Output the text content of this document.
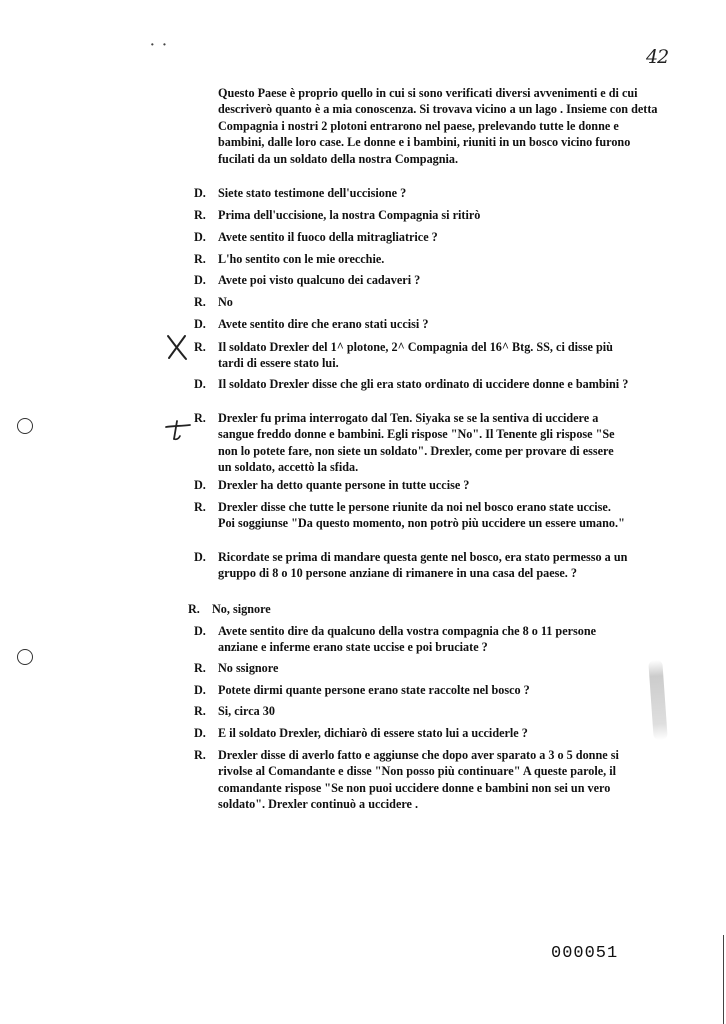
· ·
42

Questo Paese è proprio quello in cui si sono verificati diversi avvenimenti e di cui descriverò quanto è a mia conoscenza. Si trovava vicino a un lago . Insieme con detta Compagnia i nostri 2 plotoni entrarono nel paese, prelevando tutte le donne e bambini, dalle loro case. Le donne e i bambini, riuniti in un bosco vicino furono fucilati da un soldato della nostra Compagnia.

D. Siete stato testimone dell'uccisione ?
R. Prima dell'uccisione, la nostra Compagnia si ritirò
D. Avete sentito il fuoco della mitragliatrice ?
R. L'ho sentito con le mie orecchie.
D. Avete poi visto qualcuno dei cadaveri ?
R. No
D. Avete sentito dire che erano stati uccisi ?
R. Il soldato Drexler del 1^ plotone, 2^ Compagnia del 16^ Btg. SS, ci disse più tardi di essere stato lui.
D. Il soldato Drexler disse che gli era stato ordinato di uccidere donne e bambini ?
R. Drexler fu prima interrogato dal Ten. Siyaka se se la sentiva di uccidere a sangue freddo donne e bambini. Egli rispose "No". Il Tenente gli rispose "Se non lo potete fare, non siete un soldato". Drexler, come per provare di essere un soldato, accettò la sfida.
D. Drexler ha detto quante persone in tutte uccise ?
R. Drexler disse che tutte le persone riunite da noi nel bosco erano state uccise. Poi soggiunse "Da questo momento, non potrò più uccidere un essere umano."
D. Ricordate se prima di mandare questa gente nel bosco, era stato permesso a un gruppo di 8 o 10 persone anziane di rimanere in una casa del paese. ?
R. No, signore
D. Avete sentito dire da qualcuno della vostra compagnia che 8 o 11 persone anziane e inferme erano state uccise e poi bruciate ?
R. No ssignore
D. Potete dirmi quante persone erano state raccolte nel bosco ?
R. Si, circa 30
D. E il soldato Drexler, dichiarò di essere stato lui a ucciderle ?
R. Drexler disse di averlo fatto e aggiunse che dopo aver sparato a 3 o 5 donne si rivolse al Comandante e disse "Non posso più continuare" A queste parole, il comandante rispose "Se non puoi uccidere donne e bambini non sei un vero soldato". Drexler continuò a uccidere .
000051
